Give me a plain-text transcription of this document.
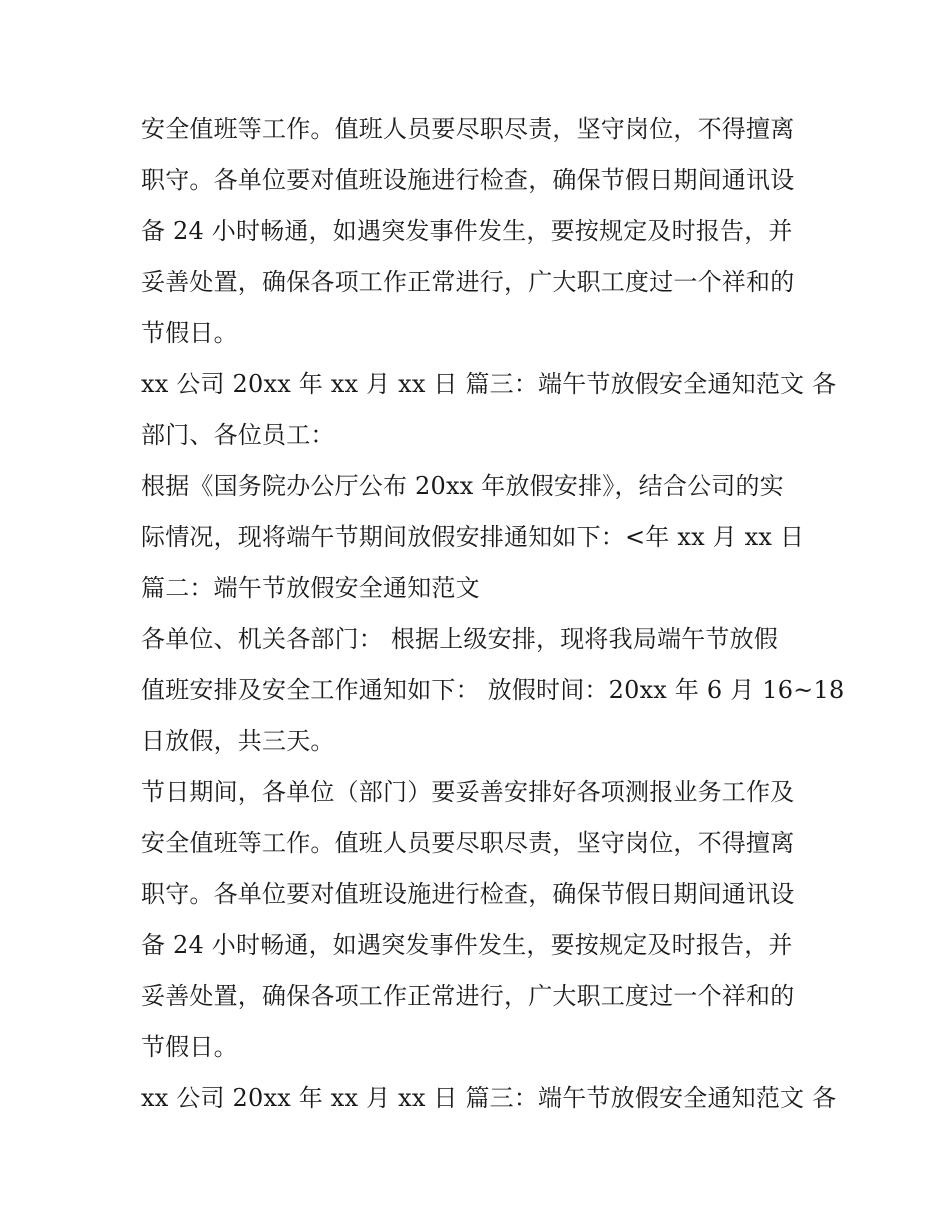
安全值班等工作。值班人员要尽职尽责，坚守岗位，不得擅离
职守。各单位要对值班设施进行检查，确保节假日期间通讯设
备 24 小时畅通，如遇突发事件发生，要按规定及时报告，并
妥善处置，确保各项工作正常进行，广大职工度过一个祥和的
节假日。
xx 公司 20xx 年 xx 月 xx 日 篇三：端午节放假安全通知范文 各
部门、各位员工：
根据《国务院办公厅公布 20xx 年放假安排》，结合公司的实
际情况，现将端午节期间放假安排通知如下：<年 xx 月 xx 日
篇二：端午节放假安全通知范文
各单位、机关各部门： 根据上级安排，现将我局端午节放假
值班安排及安全工作通知如下： 放假时间：20xx 年 6 月 16~18
日放假，共三天。
节日期间，各单位（部门）要妥善安排好各项测报业务工作及
安全值班等工作。值班人员要尽职尽责，坚守岗位，不得擅离
职守。各单位要对值班设施进行检查，确保节假日期间通讯设
备 24 小时畅通，如遇突发事件发生，要按规定及时报告，并
妥善处置，确保各项工作正常进行，广大职工度过一个祥和的
节假日。
xx 公司 20xx 年 xx 月 xx 日 篇三：端午节放假安全通知范文 各
